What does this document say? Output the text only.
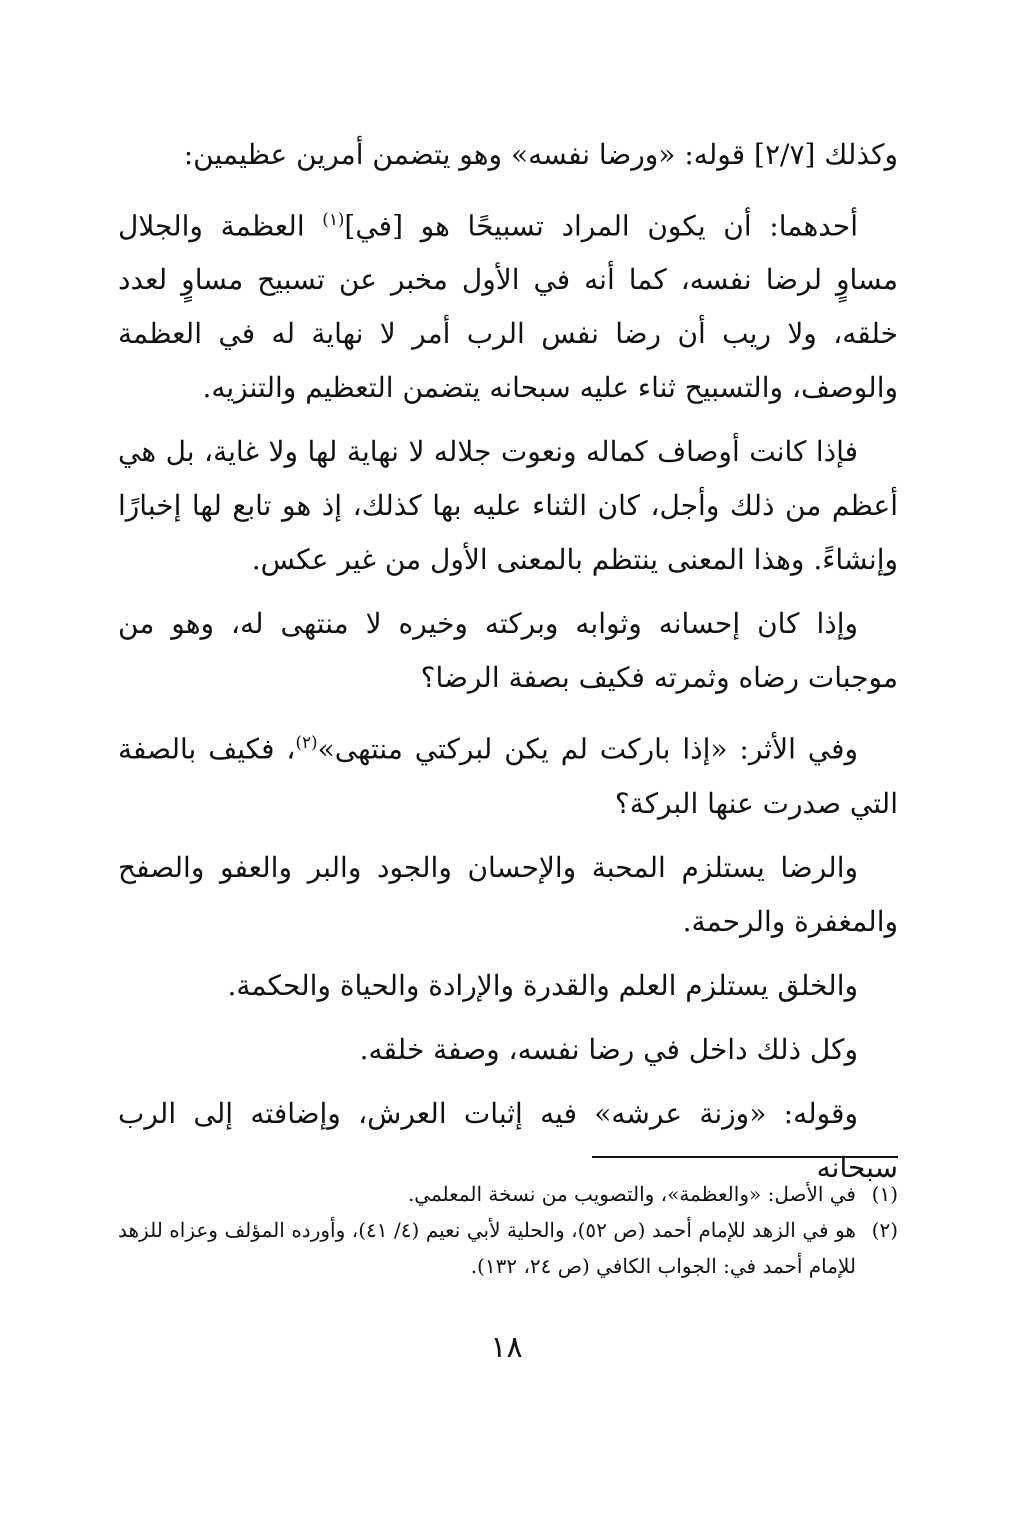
وكذلك [٢/٧] قوله: «ورضا نفسه» وهو يتضمن أمرين عظيمين:

أحدهما: أن يكون المراد تسبيحًا هو [في]$^{(١)}$ العظمة والجلال مساوٍ لرضا نفسه، كما أنه في الأول مخبر عن تسبيح مساوٍ لعدد خلقه، ولا ريب أن رضا نفس الرب أمر لا نهاية له في العظمة والوصف، والتسبيح ثناء عليه سبحانه يتضمن التعظيم والتنزيه.

فإذا كانت أوصاف كماله ونعوت جلاله لا نهاية لها ولا غاية، بل هي أعظم من ذلك وأجل، كان الثناء عليه بها كذلك، إذ هو تابع لها إخبارًا وإنشاءً. وهذا المعنى ينتظم بالمعنى الأول من غير عكس.

وإذا كان إحسانه وثوابه وبركته وخيره لا منتهى له، وهو من موجبات رضاه وثمرته فكيف بصفة الرضا؟

وفي الأثر: «إذا باركت لم يكن لبركتي منتهى»$^{(٢)}$، فكيف بالصفة التي صدرت عنها البركة؟

والرضا يستلزم المحبة والإحسان والجود والبر والعفو والصفح والمغفرة والرحمة.

والخلق يستلزم العلم والقدرة والإرادة والحياة والحكمة.

وكل ذلك داخل في رضا نفسه، وصفة خلقه.

وقوله: «وزنة عرشه» فيه إثبات العرش، وإضافته إلى الرب سبحانه

(١)
في الأصل: «والعظمة»، والتصويب من نسخة المعلمي.
(٢)
هو في الزهد للإمام أحمد (ص ٥٢)، والحلية لأبي نعيم (٤/ ٤١)، وأورده المؤلف وعزاه للزهد للإمام أحمد في: الجواب الكافي (ص ٢٤، ١٣٢).
١٨
